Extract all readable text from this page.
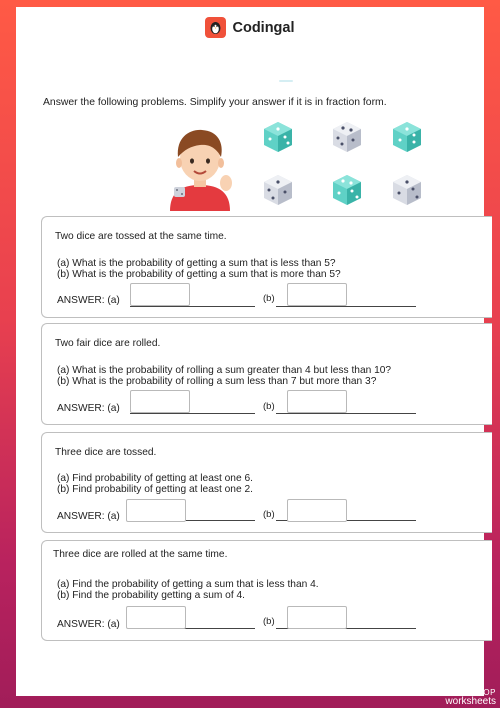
Codingal
Answer the following problems. Simplify your answer if it is in fraction form.
Two dice are tossed at the same time.
(a) What is the probability of getting a sum that is less than 5?
(b) What is the probability of getting a sum that is more than 5?
ANSWER: (a)	(b)
Two fair dice are rolled.
(a) What is the probability of rolling a sum greater than 4 but less than 10?
(b) What is the probability of rolling a sum less than 7 but more than 3?
ANSWER: (a)	(b)
Three dice are tossed.
(a) Find probability of getting at least one 6.
(b) Find probability of getting at least one 2.
ANSWER: (a)	(b)
Three dice are rolled at the same time.
(a) Find the probability of getting a sum that is less than 4.
(b) Find the probability getting a sum of 4.
ANSWER: (a)	(b)
TOP
worksheets
